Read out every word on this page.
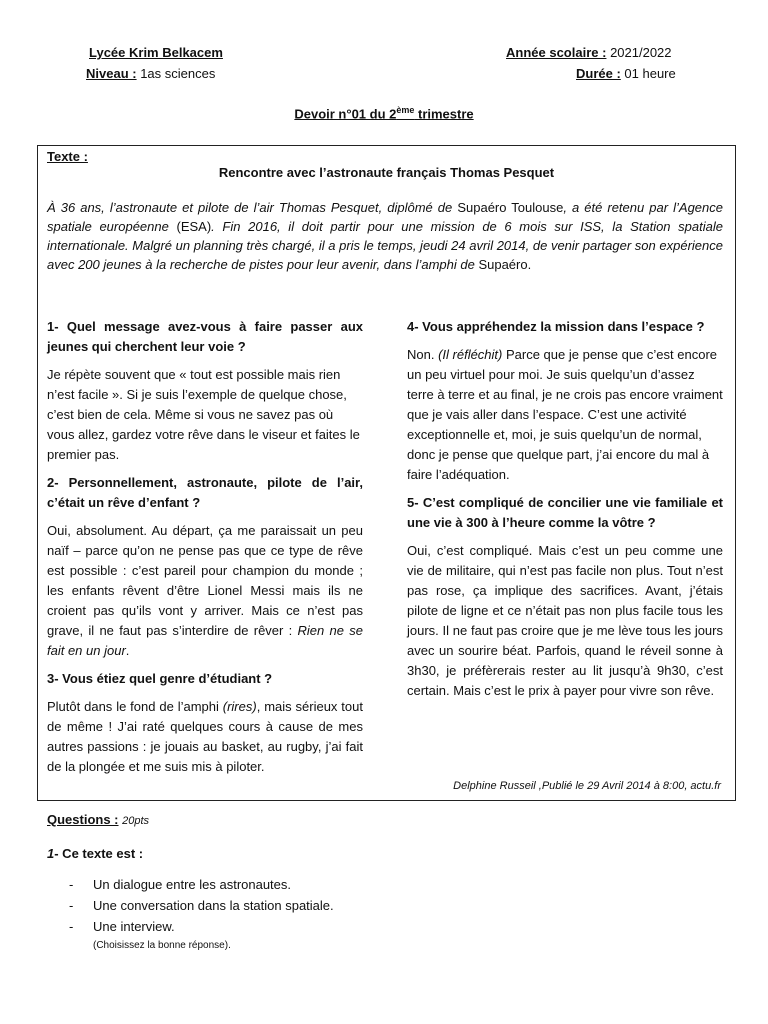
Lycée Krim Belkacem	Année scolaire : 2021/2022
Niveau : 1as sciences	Durée : 01 heure
Devoir n°01 du 2ème trimestre
Texte :
Rencontre avec l’astronaute français Thomas Pesquet
À 36 ans, l’astronaute et pilote de l’air Thomas Pesquet, diplômé de Supaéro Toulouse, a été retenu par l’Agence spatiale européenne (ESA). Fin 2016, il doit partir pour une mission de 6 mois sur ISS, la Station spatiale internationale. Malgré un planning très chargé, il a pris le temps, jeudi 24 avril 2014, de venir partager son expérience avec 200 jeunes à la recherche de pistes pour leur avenir, dans l’amphi de Supaéro.

1- Quel message avez-vous à faire passer aux jeunes qui cherchent leur voie ?

Je répète souvent que « tout est possible mais rien n’est facile ». Si je suis l’exemple de quelque chose, c’est bien de cela. Même si vous ne savez pas où vous allez, gardez votre rêve dans le viseur et faites le premier pas.

2- Personnellement, astronaute, pilote de l’air, c’était un rêve d’enfant ?

Oui, absolument. Au départ, ça me paraissait un peu naïf – parce qu’on ne pense pas que ce type de rêve est possible : c’est pareil pour champion du monde ; les enfants rêvent d’être Lionel Messi mais ils ne croient pas qu’ils vont y arriver. Mais ce n’est pas grave, il ne faut pas s’interdire de rêver : Rien ne se fait en un jour.

3- Vous étiez quel genre d’étudiant ?

Plutôt dans le fond de l’amphi (rires), mais sérieux tout de même ! J’ai raté quelques cours à cause de mes autres passions : je jouais au basket, au rugby, j’ai fait de la plongée et me suis mis à piloter.

4- Vous appréhendez la mission dans l’espace ?

Non. (Il réfléchit) Parce que je pense que c’est encore un peu virtuel pour moi. Je suis quelqu’un d’assez terre à terre et au final, je ne crois pas encore vraiment que je vais aller dans l’espace. C’est une activité exceptionnelle et, moi, je suis quelqu’un de normal, donc je pense que quelque part, j’ai encore du mal à faire l’adéquation.

5- C’est compliqué de concilier une vie familiale et une vie à 300 à l’heure comme la vôtre ?

Oui, c’est compliqué. Mais c’est un peu comme une vie de militaire, qui n’est pas facile non plus. Tout n’est pas rose, ça implique des sacrifices. Avant, j’étais pilote de ligne et ce n’était pas non plus facile tous les jours. Il ne faut pas croire que je me lève tous les jours avec un sourire béat. Parfois, quand le réveil sonne à 3h30, je préfèrerais rester au lit jusqu’à 9h30, c’est certain. Mais c’est le prix à payer pour vivre son rêve.

Delphine Russeil ,Publié le 29 Avril 2014 à 8:00, actu.fr
Questions : 20pts
1- Ce texte est :
- Un dialogue entre les astronautes.
- Une conversation dans la station spatiale.
- Une interview.
(Choisissez la bonne réponse).
